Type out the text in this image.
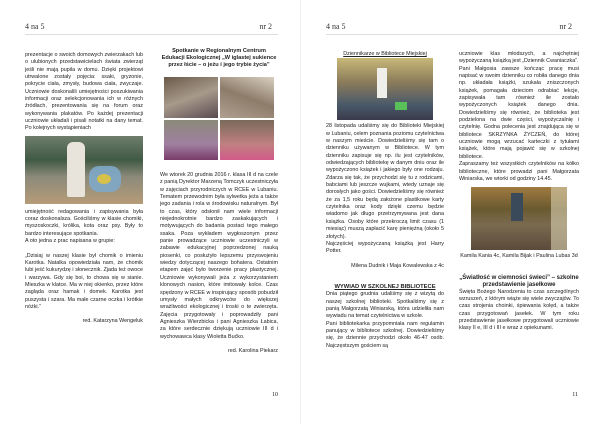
4 na 5	nr 2

prezentacje o swoich domowych zwierzakach lub o ulubionych przedstawicielach świata zwierząt jeśli nie mają pupila w domu. Dzięki projektowi utrwalone zostały pojęcia: ssaki, gryzonie, pokrycie ciała, zmysły, budowa ciała, zwyczaje. Uczniowie doskonalili umiejętności poszukiwania informacji oraz selekcjonowania ich w różnych źródłach, prezentowania się na forum oraz wykonywania plakatów. Po każdej prezentacji uczniowie układali i pisali notatki na dany temat. Po kolejnych wystąpieniach

umiejętność redagowania i zapisywania była coraz doskonalsza. Gościliśmy w klasie chomiki, myszoskoczki, królika, kota oraz psy. Były to bardzo interesujące spotkania.

A oto jedna z prac napisana w grupie:

„Dzisiaj w naszej klasie był chomik o imieniu Karotka. Natalka opowiedziała nam, że chomik lubi jeść kukurydzę i słonecznik. Zjada też owoce i warzywa. Gdy się boi, to chowa się w sianie. Mieszka w klatce. Ma w niej okienko, przez które zagląda oraz hamak i domek. Karotka jest puszysta i szara. Ma małe czarne oczka i krótkie nóżki.”

red. Katarzyna Wengeluk

Spotkanie w Regionalnym Centrum Edukacji Ekologicznej „W iglastej sukience przez łście – o jeżu i jego trybie życia”

We wtorek 20 grudnia 2016 r. klasa III d na czele z panią Dyrektor Marzeną Tomczyk uczestniczyła w zajęciach przyrodniczych w RCEE w Lubaniu. Tematem przewodnim była sylwetka jeża a także jego zadania i rola w środowisku naturalnym. Był to czas, który odsłonił nam wiele informacji niejednokrotnie bardzo zaskakujących i motywujących do badania postaci tego małego ssaka. Poza wykładem wygłoszonym przez panie prowadzące uczniowie uczestniczyli w zabawie edukacyjnej poprzedzonej nauką piosenki, co posłużyło lepszemu przyswojeniu wiedzy dotyczącej naszego bohatera. Ostatnim etapem zajęć było tworzenie pracy plastycznej. Uczniowie wykonywali jeża z wykorzystaniem klonowych nasion, które imitowały kolce. Czas spędzony w RCEE w inspirujący sposób pobudził umysły małych odkrywców do większej wrażliwości ekologicznej i troski o te zwierzęta. Zajęcia przygotowały i poprowadziły pani Agnieszka Wierzbicka i pani Agnieszka Łabica, za które serdecznie dziękują uczniowie III d i wychowawca klasy Wioletta Bućko.

red. Karolina Piekarz

10
4 na 5	nr 2

Dziennikarze w Bibliotece Miejskiej

28 listopada udaliśmy się do Biblioteki Miejskiej w Lubaniu, celem poznania poziomu czytelnictwa w naszym mieście. Dowiedzieliśmy się tam o dzienniku używanym w Bibliotece. W tym dzienniku zapisuje się np. ilu jest czytelników, odwiedzających bibliotekę w danym dniu oraz ile wypożyczono książek i jakiego były one rodzaju. Zdarza się tak, że przychodzi się tu z rodzicami, babciami lub jeszcze wujkami, wtedy uznaje się dorosłych jako gości. Dowiedzieliśmy się również że za 1,5 roku będą założone plastikowe karty czytelnika oraz kody dzięki czemu będzie wiadomo jak długo przetrzymywana jest dana książka. Osoby które przekroczą limit czasu (1 miesiąc) muszą zapłacić karę pieniężną (około 5 złotych).

Najczęściej wypożyczaną książką jest Harry Potter.

Milena Dudnik i Maja Kowalewska z 4c

WYWIAD W SZKOLNEJ BIBLIOTECE

Dnia piątego grudnia udaliśmy się z wizytą do naszej szkolnej biblioteki. Spotkaliśmy się z panią Małgorzatą Winiarską, która udzieliła nam wywiadu na temat czytelnictwa w szkole.

Pani bibliotekarka przypomniała nam regulamin panujący w bibliotece szkolnej. Dowiedzieliśmy się, że dziennie przychodzi około 46-47 osób. Najczęstszym gościem są

uczniowie klas młodszych, a najchętniej wypożyczaną książką jest „Dziennik Cwaniaczka”.

Pani Małgosia zawsze kończąc pracę musi napisać w swoim dzienniku co robiła danego dnia np. układała książki, szukała zniszczonych książek, pomagała dzieciom odrabiać lekcje, zapisywała tam również ile zostało wypożyczonych książek danego dnia. Dowiedzieliśmy się również, że biblioteka jest podzielona na dwie części, wypożyczalnię i czytelnię. Godna polecenia jest znajdująca się w bibliotece SKRZYNKA ŻYCZEŃ, do której uczniowie mogą wrzucać karteczki z tytułami książek, które mają pojawić się w szkolnej bibliotece.

Zapraszamy też wszystkich czytelników na kółko biblioteczne, które prowadzi pani Małgorzata Winiarska, we wtorki od godziny 14.45.

Kamila Kania 4c, Kamila Bijak i Paulina Lubas 3d

„Światłość w ciemności świeci” – szkolne przedstawienie jasełkowe

Święta Bożego Narodzenia to czas szczególnych wzruszeń, z którym wiąże się wiele zwyczajów. To czas strojenia choinki, śpiewania kolęd, a także czas przygotowań jasełek. W tym roku przedstawienie jasełkowe przygotowali uczniowie klasy II e, III d i III e wraz z opiekunami.

11
